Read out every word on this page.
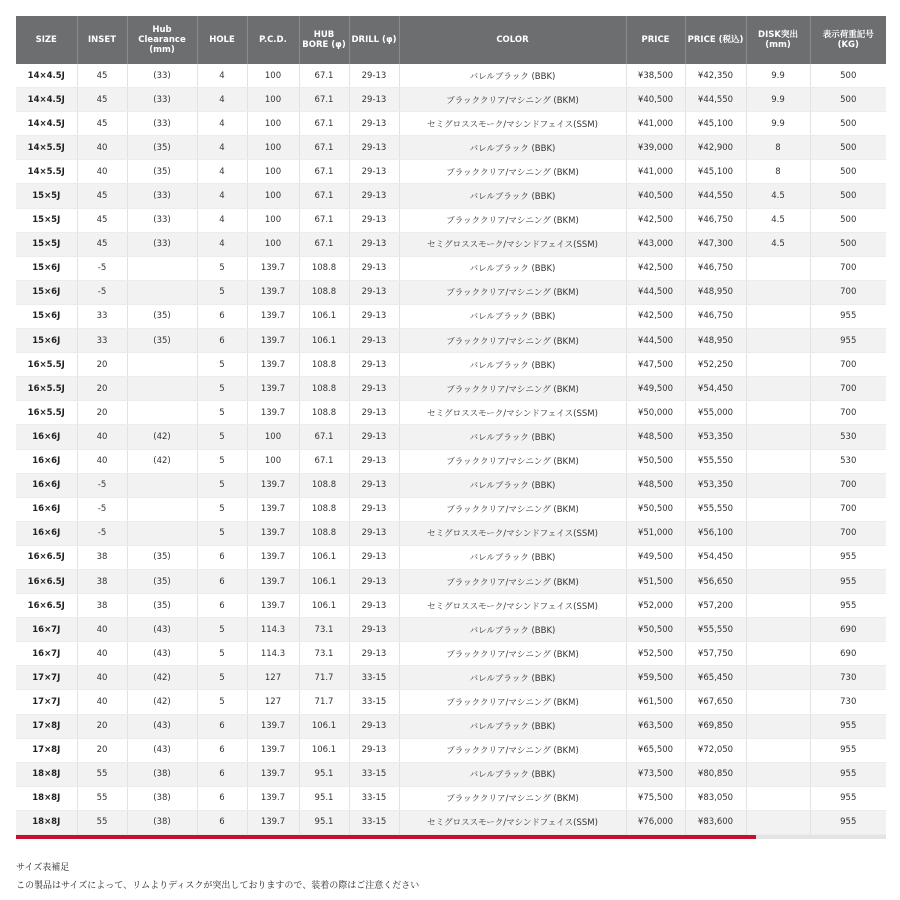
SIZE	INSET	Hub Clearance (mm)	HOLE	P.C.D.	HUB BORE (φ)	DRILL (φ)	COLOR	PRICE	PRICE (税込)	DISK突出 (mm)	表示荷重記号 (KG)
14×4.5J	45	(33)	4	100	67.1	29-13	バレルブラック (BBK)	¥38,500	¥42,350	9.9	500
14×4.5J	45	(33)	4	100	67.1	29-13	ブラッククリア/マシニング (BKM)	¥40,500	¥44,550	9.9	500
14×4.5J	45	(33)	4	100	67.1	29-13	セミグロススモーク/マシンドフェイス(SSM)	¥41,000	¥45,100	9.9	500
14×5.5J	40	(35)	4	100	67.1	29-13	バレルブラック (BBK)	¥39,000	¥42,900	8	500
14×5.5J	40	(35)	4	100	67.1	29-13	ブラッククリア/マシニング (BKM)	¥41,000	¥45,100	8	500
15×5J	45	(33)	4	100	67.1	29-13	バレルブラック (BBK)	¥40,500	¥44,550	4.5	500
15×5J	45	(33)	4	100	67.1	29-13	ブラッククリア/マシニング (BKM)	¥42,500	¥46,750	4.5	500
15×5J	45	(33)	4	100	67.1	29-13	セミグロススモーク/マシンドフェイス(SSM)	¥43,000	¥47,300	4.5	500
15×6J	-5		5	139.7	108.8	29-13	バレルブラック (BBK)	¥42,500	¥46,750		700
15×6J	-5		5	139.7	108.8	29-13	ブラッククリア/マシニング (BKM)	¥44,500	¥48,950		700
15×6J	33	(35)	6	139.7	106.1	29-13	バレルブラック (BBK)	¥42,500	¥46,750		955
15×6J	33	(35)	6	139.7	106.1	29-13	ブラッククリア/マシニング (BKM)	¥44,500	¥48,950		955
16×5.5J	20		5	139.7	108.8	29-13	バレルブラック (BBK)	¥47,500	¥52,250		700
16×5.5J	20		5	139.7	108.8	29-13	ブラッククリア/マシニング (BKM)	¥49,500	¥54,450		700
16×5.5J	20		5	139.7	108.8	29-13	セミグロススモーク/マシンドフェイス(SSM)	¥50,000	¥55,000		700
16×6J	40	(42)	5	100	67.1	29-13	バレルブラック (BBK)	¥48,500	¥53,350		530
16×6J	40	(42)	5	100	67.1	29-13	ブラッククリア/マシニング (BKM)	¥50,500	¥55,550		530
16×6J	-5		5	139.7	108.8	29-13	バレルブラック (BBK)	¥48,500	¥53,350		700
16×6J	-5		5	139.7	108.8	29-13	ブラッククリア/マシニング (BKM)	¥50,500	¥55,550		700
16×6J	-5		5	139.7	108.8	29-13	セミグロススモーク/マシンドフェイス(SSM)	¥51,000	¥56,100		700
16×6.5J	38	(35)	6	139.7	106.1	29-13	バレルブラック (BBK)	¥49,500	¥54,450		955
16×6.5J	38	(35)	6	139.7	106.1	29-13	ブラッククリア/マシニング (BKM)	¥51,500	¥56,650		955
16×6.5J	38	(35)	6	139.7	106.1	29-13	セミグロススモーク/マシンドフェイス(SSM)	¥52,000	¥57,200		955
16×7J	40	(43)	5	114.3	73.1	29-13	バレルブラック (BBK)	¥50,500	¥55,550		690
16×7J	40	(43)	5	114.3	73.1	29-13	ブラッククリア/マシニング (BKM)	¥52,500	¥57,750		690
17×7J	40	(42)	5	127	71.7	33-15	バレルブラック (BBK)	¥59,500	¥65,450		730
17×7J	40	(42)	5	127	71.7	33-15	ブラッククリア/マシニング (BKM)	¥61,500	¥67,650		730
17×8J	20	(43)	6	139.7	106.1	29-13	バレルブラック (BBK)	¥63,500	¥69,850		955
17×8J	20	(43)	6	139.7	106.1	29-13	ブラッククリア/マシニング (BKM)	¥65,500	¥72,050		955
18×8J	55	(38)	6	139.7	95.1	33-15	バレルブラック (BBK)	¥73,500	¥80,850		955
18×8J	55	(38)	6	139.7	95.1	33-15	ブラッククリア/マシニング (BKM)	¥75,500	¥83,050		955
18×8J	55	(38)	6	139.7	95.1	33-15	セミグロススモーク/マシンドフェイス(SSM)	¥76,000	¥83,600		955
サイズ表補足
この製品はサイズによって、リムよりディスクが突出しておりますので、装着の際はご注意ください
